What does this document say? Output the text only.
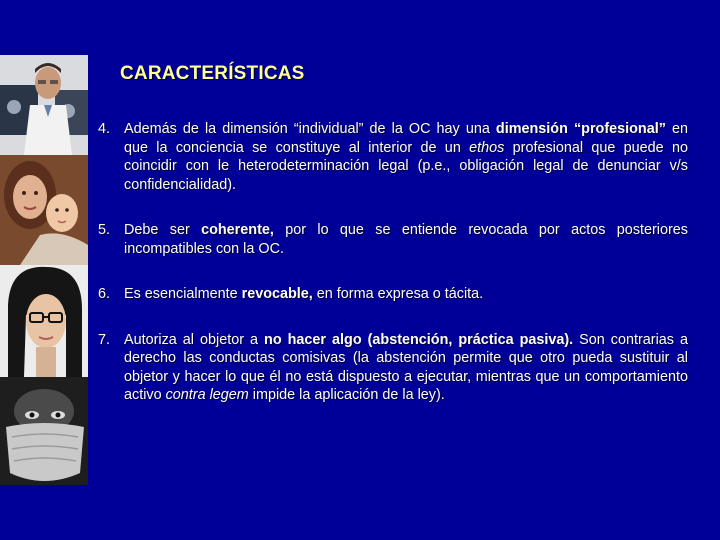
CARACTERÍSTICAS
4. Además de la dimensión “individual” de la OC hay una dimensión “profesional” en que la conciencia se constituye al interior de un ethos profesional que puede no coincidir con le heterodeterminación legal (p.e., obligación legal de denunciar v/s confidencialidad).
5. Debe ser coherente, por lo que se entiende revocada por actos posteriores incompatibles con la OC.
6. Es esencialmente revocable, en forma expresa o tácita.
7. Autoriza al objetor a no hacer algo (abstención, práctica pasiva). Son contrarias a derecho las conductas comisivas (la abstención permite que otro pueda sustituir al objetor y hacer lo que él no está dispuesto a ejecutar, mientras que un comportamiento activo contra legem impide la aplicación de la ley).
